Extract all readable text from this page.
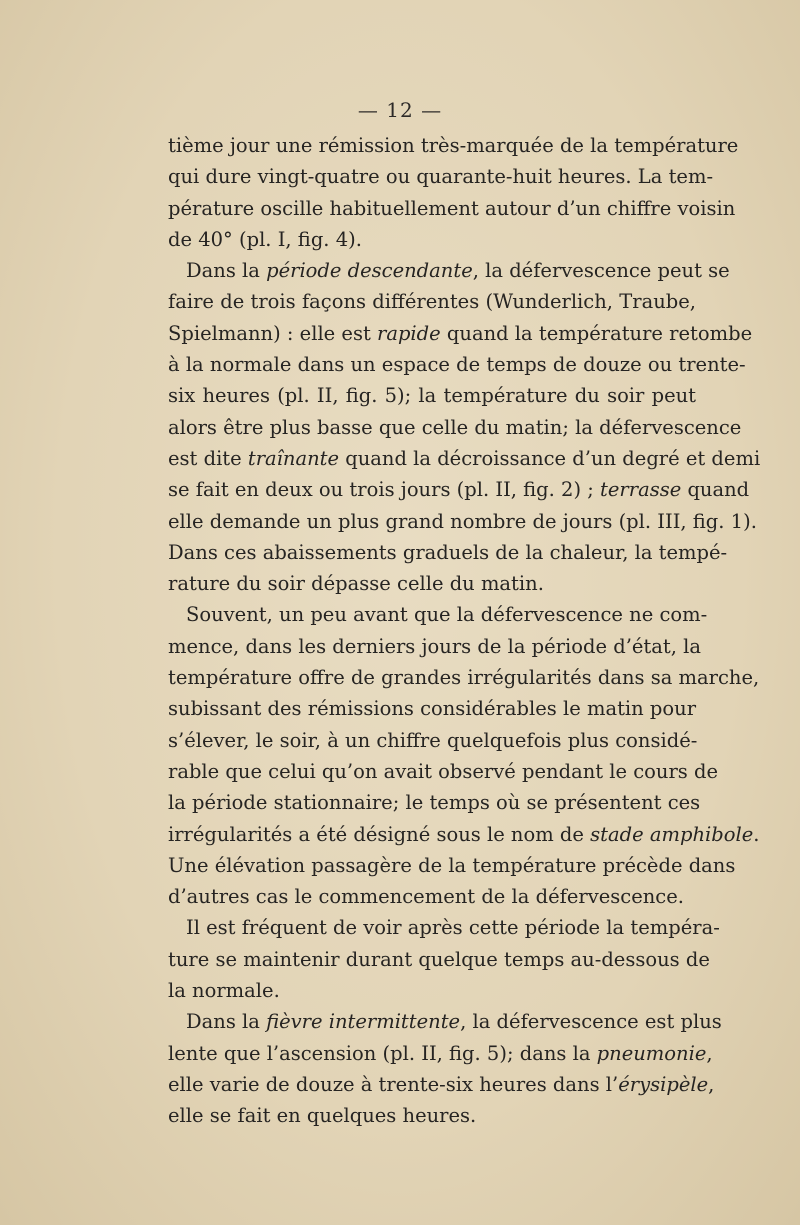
— 12 —
tième jour une rémission très-marquée de la température
qui dure vingt-quatre ou quarante-huit heures. La tem-
pérature oscille habituellement autour d’un chiffre voisin
de 40° (pl. I, fig. 4).
Dans la période descendante, la défervescence peut se
faire de trois façons différentes (Wunderlich, Traube,
Spielmann) : elle est rapide quand la température retombe
à la normale dans un espace de temps de douze ou trente-
six heures (pl. II, fig. 5); la température du soir peut
alors être plus basse que celle du matin; la défervescence
est dite traînante quand la décroissance d’un degré et demi
se fait en deux ou trois jours (pl. II, fig. 2) ; terrasse quand
elle demande un plus grand nombre de jours (pl. III, fig. 1).
Dans ces abaissements graduels de la chaleur, la tempé-
rature du soir dépasse celle du matin.
Souvent, un peu avant que la défervescence ne com-
mence, dans les derniers jours de la période d’état, la
température offre de grandes irrégularités dans sa marche,
subissant des rémissions considérables le matin pour
s’élever, le soir, à un chiffre quelquefois plus considé-
rable que celui qu’on avait observé pendant le cours de
la période stationnaire; le temps où se présentent ces
irrégularités a été désigné sous le nom de stade amphibole.
Une élévation passagère de la température précède dans
d’autres cas le commencement de la défervescence.
Il est fréquent de voir après cette période la tempéra-
ture se maintenir durant quelque temps au-dessous de
la normale.
Dans la fièvre intermittente, la défervescence est plus
lente que l’ascension (pl. II, fig. 5); dans la pneumonie,
elle varie de douze à trente-six heures dans l’érysipèle,
elle se fait en quelques heures.
